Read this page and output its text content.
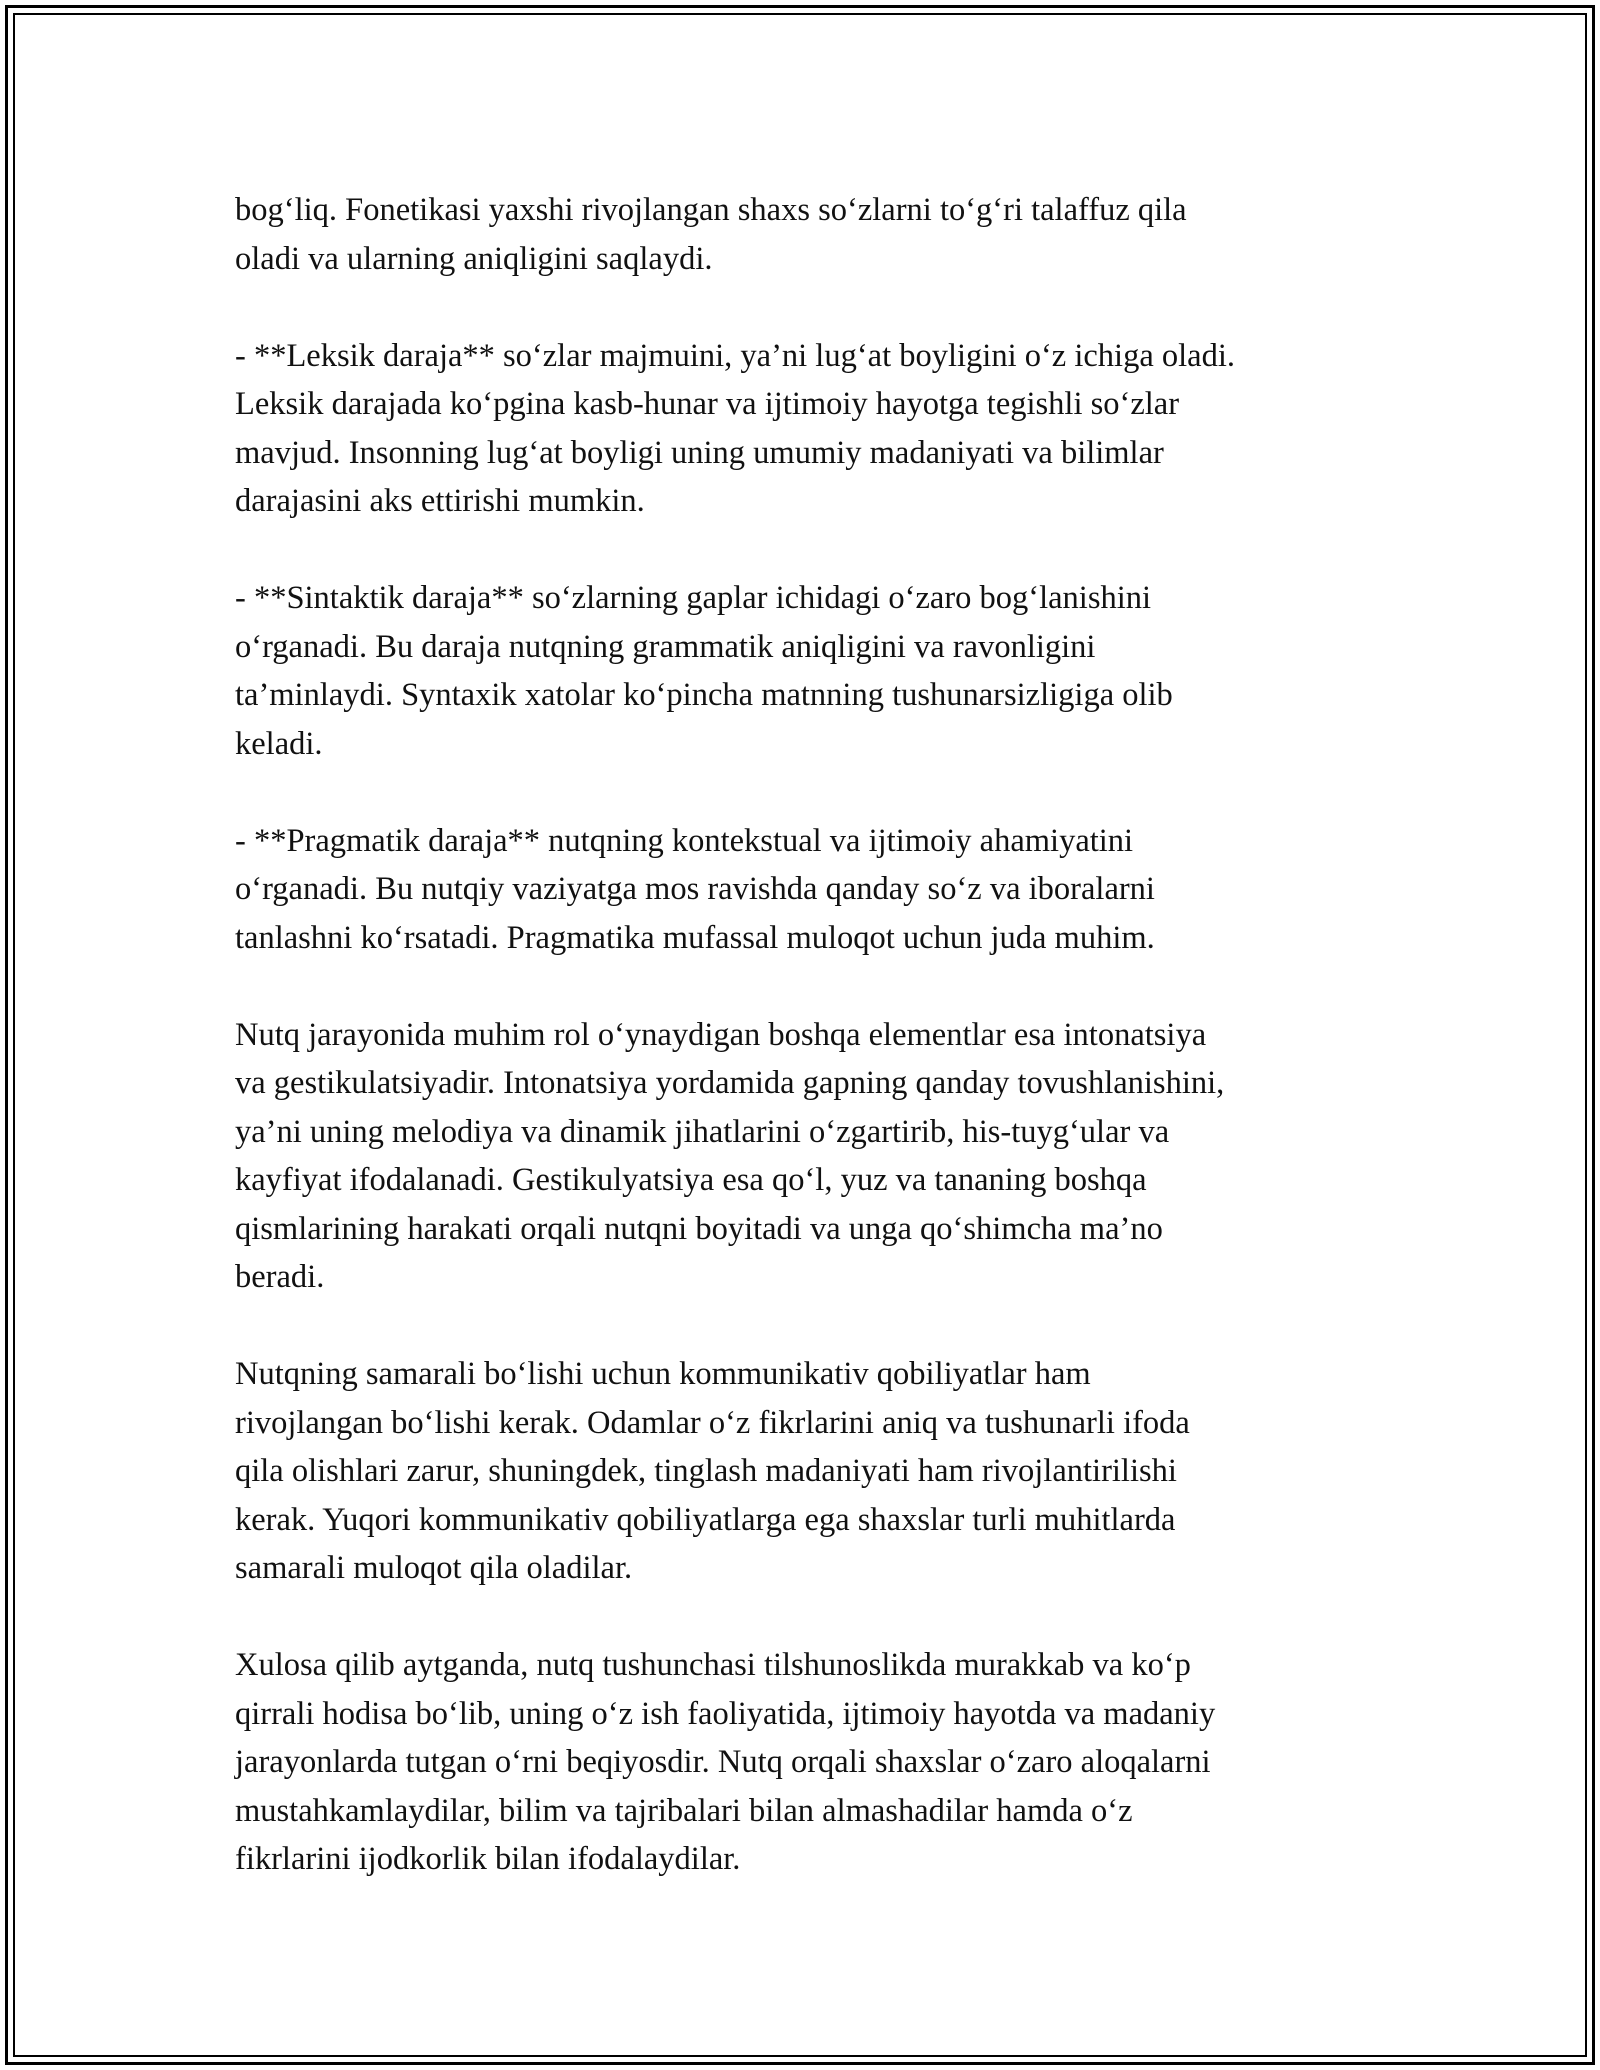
bog‘liq. Fonetikasi yaxshi rivojlangan shaxs so‘zlarni to‘g‘ri talaffuz qila
oladi va ularning aniqligini saqlaydi.

- **Leksik daraja** so‘zlar majmuini, ya’ni lug‘at boyligini o‘z ichiga oladi.
Leksik darajada ko‘pgina kasb-hunar va ijtimoiy hayotga tegishli so‘zlar
mavjud. Insonning lug‘at boyligi uning umumiy madaniyati va bilimlar
darajasini aks ettirishi mumkin.

- **Sintaktik daraja** so‘zlarning gaplar ichidagi o‘zaro bog‘lanishini
o‘rganadi. Bu daraja nutqning grammatik aniqligini va ravonligini
ta’minlaydi. Syntaxik xatolar ko‘pincha matnning tushunarsizligiga olib
keladi.

- **Pragmatik daraja** nutqning kontekstual va ijtimoiy ahamiyatini
o‘rganadi. Bu nutqiy vaziyatga mos ravishda qanday so‘z va iboralarni
tanlashni ko‘rsatadi. Pragmatika mufassal muloqot uchun juda muhim.

Nutq jarayonida muhim rol o‘ynaydigan boshqa elementlar esa intonatsiya
va gestikulatsiyadir. Intonatsiya yordamida gapning qanday tovushlanishini,
ya’ni uning melodiya va dinamik jihatlarini o‘zgartirib, his-tuyg‘ular va
kayfiyat ifodalanadi. Gestikulyatsiya esa qo‘l, yuz va tananing boshqa
qismlarining harakati orqali nutqni boyitadi va unga qo‘shimcha ma’no
beradi.

Nutqning samarali bo‘lishi uchun kommunikativ qobiliyatlar ham
rivojlangan bo‘lishi kerak. Odamlar o‘z fikrlarini aniq va tushunarli ifoda
qila olishlari zarur, shuningdek, tinglash madaniyati ham rivojlantirilishi
kerak. Yuqori kommunikativ qobiliyatlarga ega shaxslar turli muhitlarda
samarali muloqot qila oladilar.

Xulosa qilib aytganda, nutq tushunchasi tilshunoslikda murakkab va ko‘p
qirrali hodisa bo‘lib, uning o‘z ish faoliyatida, ijtimoiy hayotda va madaniy
jarayonlarda tutgan o‘rni beqiyosdir. Nutq orqali shaxslar o‘zaro aloqalarni
mustahkamlaydilar, bilim va tajribalari bilan almashadilar hamda o‘z
fikrlarini ijodkorlik bilan ifodalaydilar.
